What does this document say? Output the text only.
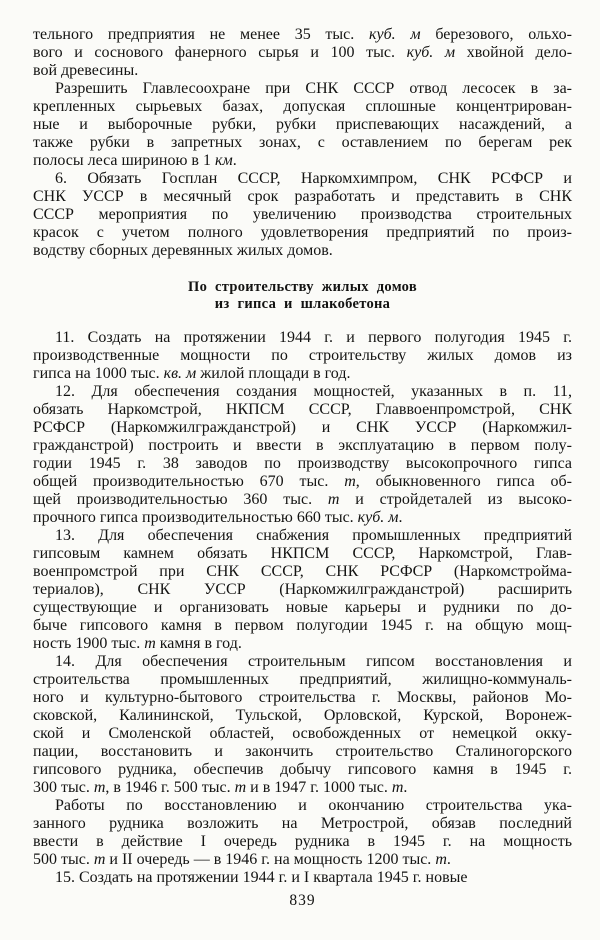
тельного предприятия не менее 35 тыс. куб. м березового, ольхо-
вого и соснового фанерного сырья и 100 тыс. куб. м хвойной дело-
вой древесины.
Разрешить Главлесоохране при СНК СССР отвод лесосек в за-
крепленных сырьевых базах, допуская сплошные концентрирован-
ные и выборочные рубки, рубки приспевающих насаждений, а
также рубки в запретных зонах, с оставлением по берегам рек
полосы леса шириною в 1 км.
6. Обязать Госплан СССР, Наркомхимпром, СНК РСФСР и
СНК УССР в месячный срок разработать и представить в СНК
СССР мероприятия по увеличению производства строительных
красок с учетом полного удовлетворения предприятий по произ-
водству сборных деревянных жилых домов.
По строительству жилых домов
из гипса и шлакобетона
11. Создать на протяжении 1944 г. и первого полугодия 1945 г.
производственные мощности по строительству жилых домов из
гипса на 1000 тыс. кв. м жилой площади в год.
12. Для обеспечения создания мощностей, указанных в п. 11,
обязать Наркомстрой, НКПСМ СССР, Главвоенпромстрой, СНК
РСФСР (Наркомжилгражданстрой) и СНК УССР (Наркомжил-
гражданстрой) построить и ввести в эксплуатацию в первом полу-
годии 1945 г. 38 заводов по производству высокопрочного гипса
общей производительностью 670 тыс. т, обыкновенного гипса об-
щей производительностью 360 тыс. т и стройдеталей из высоко-
прочного гипса производительностью 660 тыс. куб. м.
13. Для обеспечения снабжения промышленных предприятий
гипсовым камнем обязать НКПСМ СССР, Наркомстрой, Глав-
военпромстрой при СНК СССР, СНК РСФСР (Наркомстройма-
териалов), СНК УССР (Наркомжилгражданстрой) расширить
существующие и организовать новые карьеры и рудники по до-
быче гипсового камня в первом полугодии 1945 г. на общую мощ-
ность 1900 тыс. т камня в год.
14. Для обеспечения строительным гипсом восстановления и
строительства промышленных предприятий, жилищно-коммуналь-
ного и культурно-бытового строительства г. Москвы, районов Мо-
сковской, Калининской, Тульской, Орловской, Курской, Воронеж-
ской и Смоленской областей, освобожденных от немецкой окку-
пации, восстановить и закончить строительство Сталиногорского
гипсового рудника, обеспечив добычу гипсового камня в 1945 г.
300 тыс. т, в 1946 г. 500 тыс. т и в 1947 г. 1000 тыс. т.
Работы по восстановлению и окончанию строительства ука-
занного рудника возложить на Метрострой, обязав последний
ввести в действие I очередь рудника в 1945 г. на мощность
500 тыс. т и II очередь — в 1946 г. на мощность 1200 тыс. т.
15. Создать на протяжении 1944 г. и I квартала 1945 г. новые
839
